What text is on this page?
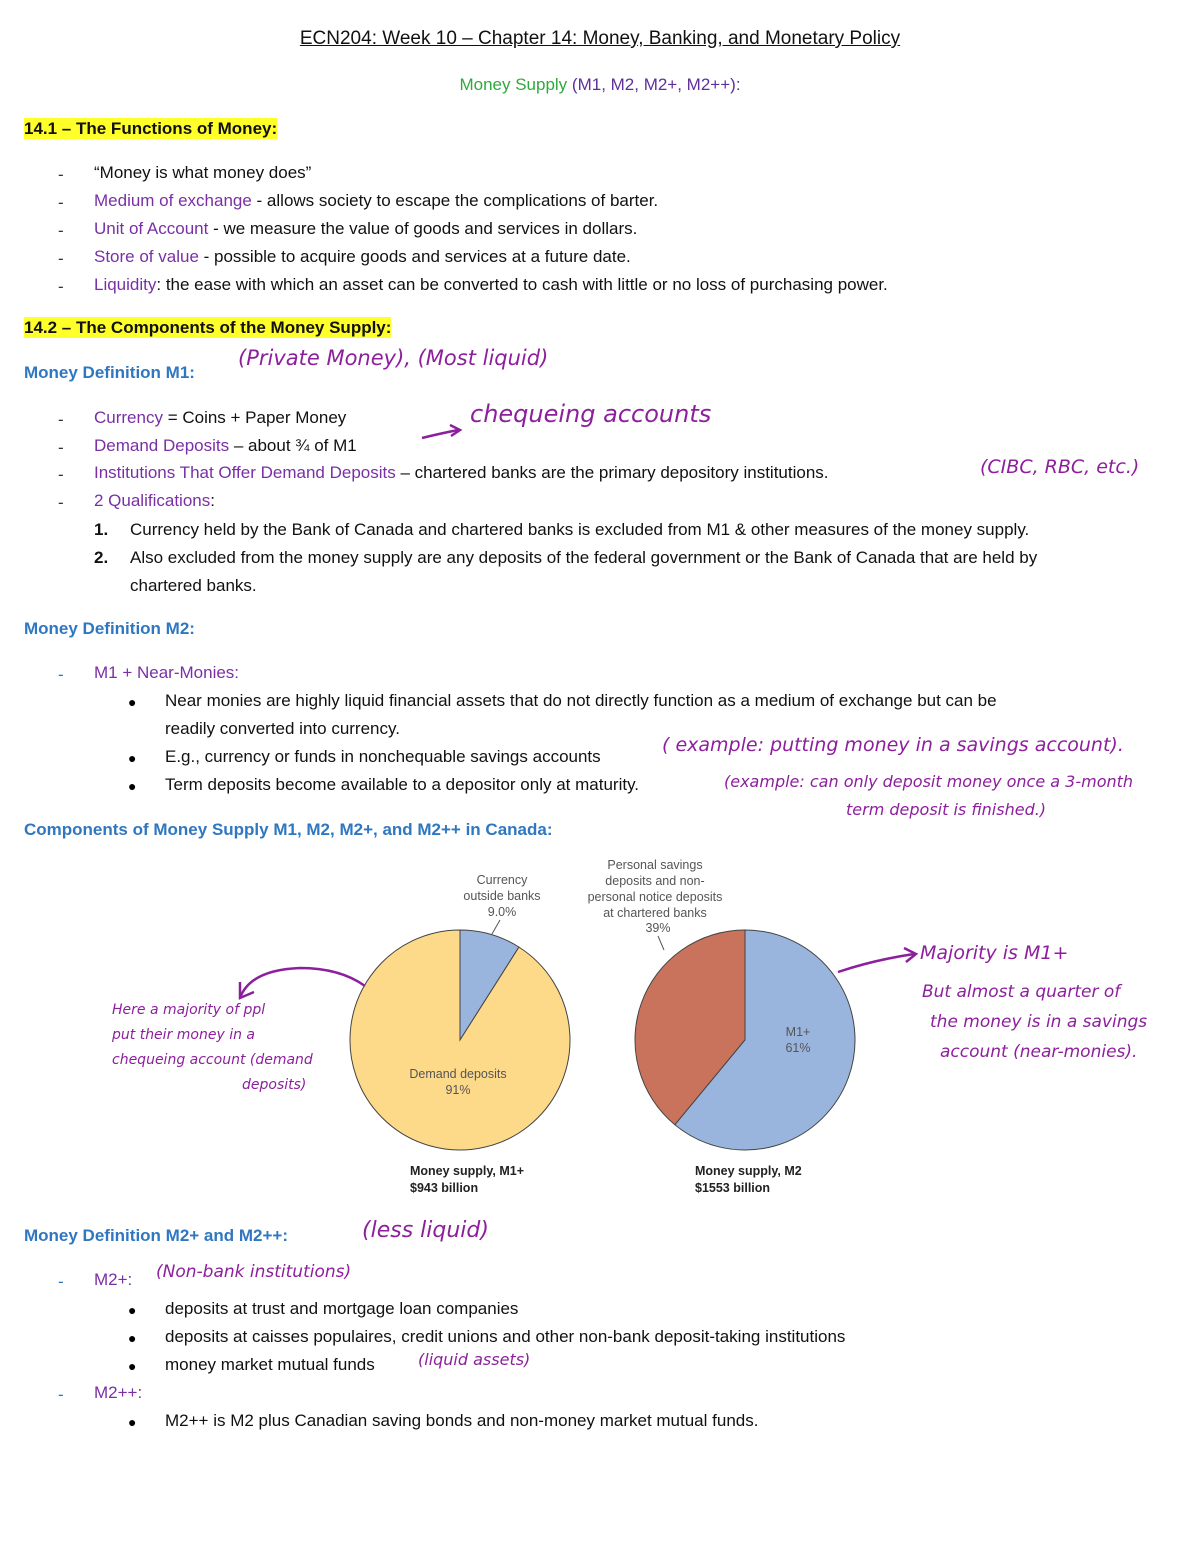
ECN204: Week 10 – Chapter 14: Money, Banking, and Monetary Policy
Money Supply (M1, M2, M2+, M2++):
14.1 – The Functions of Money:
- “Money is what money does”
- Medium of exchange - allows society to escape the complications of barter.
- Unit of Account - we measure the value of goods and services in dollars.
- Store of value - possible to acquire goods and services at a future date.
- Liquidity: the ease with which an asset can be converted to cash with little or no loss of purchasing power.
14.2 – The Components of the Money Supply:
Money Definition M1:
(Private Money), (Most liquid)
- Currency = Coins + Paper Money
- Demand Deposits – about ¾ of M1
- Institutions That Offer Demand Deposits – chartered banks are the primary depository institutions.
- 2 Qualifications:
chequeing accounts
(CIBC, RBC, etc.)
1. Currency held by the Bank of Canada and chartered banks is excluded from M1 & other measures of the money supply.
2. Also excluded from the money supply are any deposits of the federal government or the Bank of Canada that are held by
chartered banks.
Money Definition M2:
- M1 + Near-Monies:
● Near monies are highly liquid financial assets that do not directly function as a medium of exchange but can be
readily converted into currency.
● E.g., currency or funds in nonchequable savings accounts
● Term deposits become available to a depositor only at maturity.
( example: putting money in a savings account).
(example: can only deposit money once a 3-month
term deposit is finished.)
Components of Money Supply M1, M2, M2+, and M2++ in Canada:
Currency
outside banks
9.0%
Demand deposits
91%
Money supply, M1+
$943 billion
Personal savings
deposits and non-
personal notice deposits
at chartered banks
39%
M1+
61%
Money supply, M2
$1553 billion
Here a majority of ppl
put their money in a
chequeing account (demand
deposits)
Majority is M1+
But almost a quarter of
the money is in a savings
account (near-monies).
Money Definition M2+ and M2++:	(less liquid)
- M2+: (Non-bank institutions)
● deposits at trust and mortgage loan companies
● deposits at caisses populaires, credit unions and other non-bank deposit-taking institutions
● money market mutual funds	(liquid assets)
- M2++:
● M2++ is M2 plus Canadian saving bonds and non-money market mutual funds.
